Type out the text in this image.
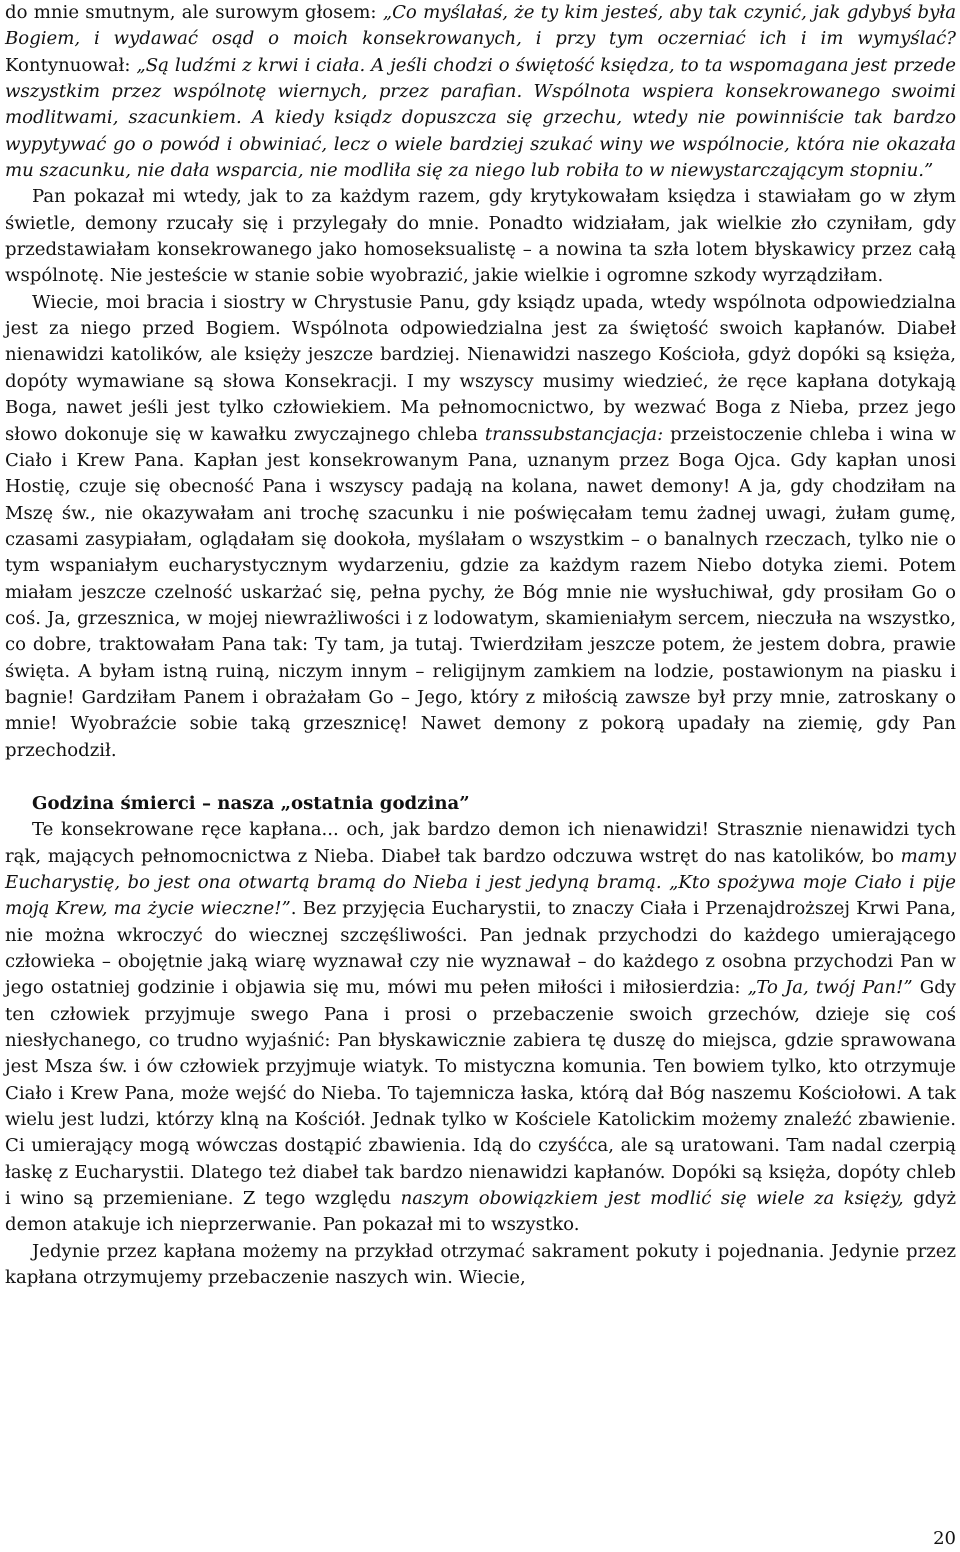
do mnie smutnym, ale surowym głosem: „Co myślałaś, że ty kim jesteś, aby tak czynić, jak gdybyś była Bogiem, i wydawać osąd o moich konsekrowanych, i przy tym oczerniać ich i im wymyślać? Kontynuował: „Są ludźmi z krwi i ciała. A jeśli chodzi o świętość księdza, to ta wspomagana jest przede wszystkim przez wspólnotę wiernych, przez parafian. Wspólnota wspiera konsekrowanego swoimi modlitwami, szacunkiem. A kiedy ksiądz dopuszcza się grzechu, wtedy nie powinniście tak bardzo wypytywać go o powód i obwiniać, lecz o wiele bardziej szukać winy we wspólnocie, która nie okazała mu szacunku, nie dała wsparcia, nie modliła się za niego lub robiła to w niewystarczającym stopniu.”

Pan pokazał mi wtedy, jak to za każdym razem, gdy krytykowałam księdza i stawiałam go w złym świetle, demony rzucały się i przylegały do mnie. Ponadto widziałam, jak wielkie zło czyniłam, gdy przedstawiałam konsekrowanego jako homoseksualistę – a nowina ta szła lotem błyskawicy przez całą wspólnotę. Nie jesteście w stanie sobie wyobrazić, jakie wielkie i ogromne szkody wyrządziłam.

Wiecie, moi bracia i siostry w Chrystusie Panu, gdy ksiądz upada, wtedy wspólnota odpowiedzialna jest za niego przed Bogiem. Wspólnota odpowiedzialna jest za świętość swoich kapłanów. Diabeł nienawidzi katolików, ale księży jeszcze bardziej. Nienawidzi naszego Kościoła, gdyż dopóki są księża, dopóty wymawiane są słowa Konsekracji. I my wszyscy musimy wiedzieć, że ręce kapłana dotykają Boga, nawet jeśli jest tylko człowiekiem. Ma pełnomocnictwo, by wezwać Boga z Nieba, przez jego słowo dokonuje się w kawałku zwyczajnego chleba transsubstancjacja: przeistoczenie chleba i wina w Ciało i Krew Pana. Kapłan jest konsekrowanym Pana, uznanym przez Boga Ojca. Gdy kapłan unosi Hostię, czuje się obecność Pana i wszyscy padają na kolana, nawet demony! A ja, gdy chodziłam na Mszę św., nie okazywałam ani trochę szacunku i nie poświęcałam temu żadnej uwagi, żułam gumę, czasami zasypiałam, oglądałam się dookoła, myślałam o wszystkim – o banalnych rzeczach, tylko nie o tym wspaniałym eucharystycznym wydarzeniu, gdzie za każdym razem Niebo dotyka ziemi. Potem miałam jeszcze czelność uskarżać się, pełna pychy, że Bóg mnie nie wysłuchiwał, gdy prosiłam Go o coś. Ja, grzesznica, w mojej niewrażliwości i z lodowatym, skamieniałym sercem, nieczuła na wszystko, co dobre, traktowałam Pana tak: Ty tam, ja tutaj. Twierdziłam jeszcze potem, że jestem dobra, prawie święta. A byłam istną ruiną, niczym innym – religijnym zamkiem na lodzie, postawionym na piasku i bagnie! Gardziłam Panem i obrażałam Go – Jego, który z miłością zawsze był przy mnie, zatroskany o mnie! Wyobraźcie sobie taką grzesznicę! Nawet demony z pokorą upadały na ziemię, gdy Pan przechodził.

Godzina śmierci – nasza „ostatnia godzina”

Te konsekrowane ręce kapłana... och, jak bardzo demon ich nienawidzi! Strasznie nienawidzi tych rąk, mających pełnomocnictwa z Nieba. Diabeł tak bardzo odczuwa wstręt do nas katolików, bo mamy Eucharystię, bo jest ona otwartą bramą do Nieba i jest jedyną bramą. „Kto spożywa moje Ciało i pije moją Krew, ma życie wieczne!”. Bez przyjęcia Eucharystii, to znaczy Ciała i Przenajdroższej Krwi Pana, nie można wkroczyć do wiecznej szczęśliwości. Pan jednak przychodzi do każdego umierającego człowieka – obojętnie jaką wiarę wyznawał czy nie wyznawał – do każdego z osobna przychodzi Pan w jego ostatniej godzinie i objawia się mu, mówi mu pełen miłości i miłosierdzia: „To Ja, twój Pan!” Gdy ten człowiek przyjmuje swego Pana i prosi o przebaczenie swoich grzechów, dzieje się coś niesłychanego, co trudno wyjaśnić: Pan błyskawicznie zabiera tę duszę do miejsca, gdzie sprawowana jest Msza św. i ów człowiek przyjmuje wiatyk. To mistyczna komunia. Ten bowiem tylko, kto otrzymuje Ciało i Krew Pana, może wejść do Nieba. To tajemnicza łaska, którą dał Bóg naszemu Kościołowi. A tak wielu jest ludzi, którzy klną na Kościół. Jednak tylko w Kościele Katolickim możemy znaleźć zbawienie. Ci umierający mogą wówczas dostąpić zbawienia. Idą do czyśćca, ale są uratowani. Tam nadal czerpią łaskę z Eucharystii. Dlatego też diabeł tak bardzo nienawidzi kapłanów. Dopóki są księża, dopóty chleb i wino są przemieniane. Z tego względu naszym obowiązkiem jest modlić się wiele za księży, gdyż demon atakuje ich nieprzerwanie. Pan pokazał mi to wszystko.

Jedynie przez kapłana możemy na przykład otrzymać sakrament pokuty i pojednania. Jedynie przez kapłana otrzymujemy przebaczenie naszych win. Wiecie,

20
